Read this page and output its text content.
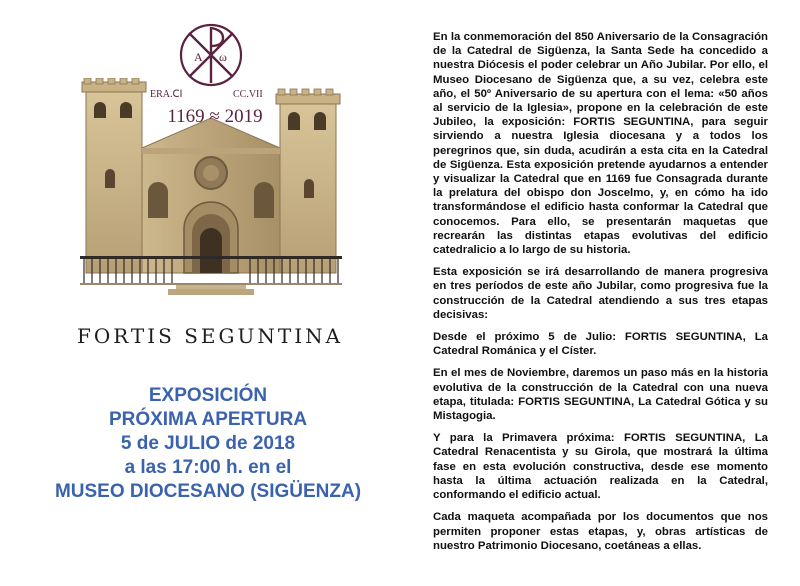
A ω
ERA.ⅭⅠ	CC.VII
1169 ≈ 2019
FORTIS SEGUNTINA
EXPOSICIÓN
PRÓXIMA APERTURA
5 de JULIO de 2018
a las 17:00 h. en el
MUSEO DIOCESANO (SIGÜENZA)

En la conmemoración del 850 Aniversario de la Consagración de la Catedral de Sigüenza, la Santa Sede ha concedido a nuestra Diócesis el poder celebrar un Año Jubilar. Por ello, el Museo Diocesano de Sigüenza que, a su vez, celebra este año, el 50º Aniversario de su apertura con el lema: «50 años al servicio de la Iglesia», propone en la celebración de este Jubileo, la exposición: FORTIS SEGUNTINA, para seguir sirviendo a nuestra Iglesia diocesana y a todos los peregrinos que, sin duda, acudirán a esta cita en la Catedral de Sigüenza. Esta exposición pretende ayudarnos a entender y visualizar la Catedral que en 1169 fue Consagrada durante la prelatura del obispo don Joscelmo, y, en cómo ha ido transformándose el edificio hasta conformar la Catedral que conocemos. Para ello, se presentarán maquetas que recrearán las distintas etapas evolutivas del edificio catedralicio a lo largo de su historia.

Esta exposición se irá desarrollando de manera progresiva en tres períodos de este año Jubilar, como progresiva fue la construcción de la Catedral atendiendo a sus tres etapas decisivas:

Desde el próximo 5 de Julio: FORTIS SEGUNTINA, La Catedral Románica y el Císter.

En el mes de Noviembre, daremos un paso más en la historia evolutiva de la construcción de la Catedral con una nueva etapa, titulada: FORTIS SEGUNTINA, La Catedral Gótica y su Mistagogia.

Y para la Primavera próxima: FORTIS SEGUNTINA, La Catedral Renacentista y su Girola, que mostrará la última fase en esta evolución constructiva, desde ese momento hasta la última actuación realizada en la Catedral, conformando el edificio actual.

Cada maqueta acompañada por los documentos que nos permiten proponer estas etapas, y, obras artísticas de nuestro Patrimonio Diocesano, coetáneas a ellas.
